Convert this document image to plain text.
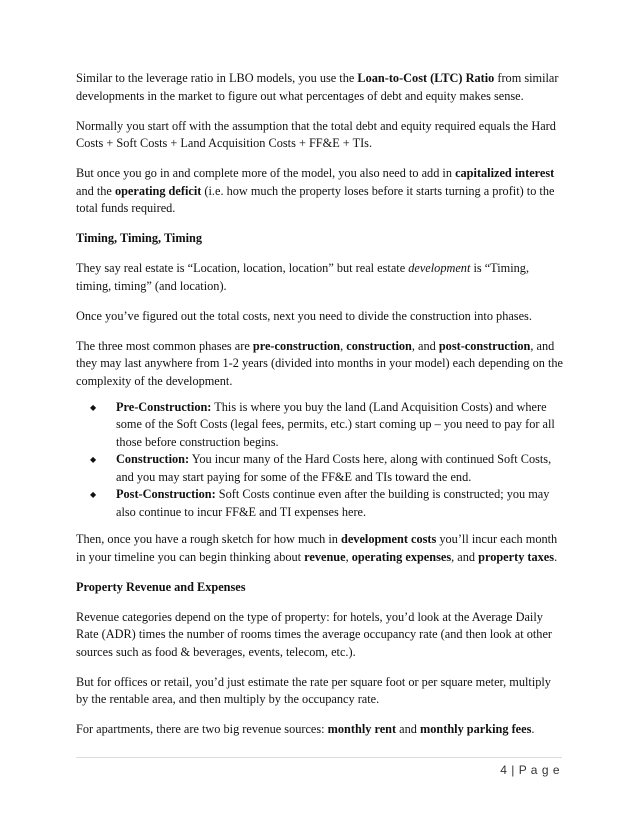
Similar to the leverage ratio in LBO models, you use the Loan-to-Cost (LTC) Ratio from similar developments in the market to figure out what percentages of debt and equity makes sense.

Normally you start off with the assumption that the total debt and equity required equals the Hard Costs + Soft Costs + Land Acquisition Costs + FF&E + TIs.

But once you go in and complete more of the model, you also need to add in capitalized interest and the operating deficit (i.e. how much the property loses before it starts turning a profit) to the total funds required.

Timing, Timing, Timing

They say real estate is “Location, location, location” but real estate development is “Timing, timing, timing” (and location).

Once you’ve figured out the total costs, next you need to divide the construction into phases.

The three most common phases are pre-construction, construction, and post-construction, and they may last anywhere from 1-2 years (divided into months in your model) each depending on the complexity of the development.

◆ Pre-Construction: This is where you buy the land (Land Acquisition Costs) and where some of the Soft Costs (legal fees, permits, etc.) start coming up – you need to pay for all those before construction begins.
◆ Construction: You incur many of the Hard Costs here, along with continued Soft Costs, and you may start paying for some of the FF&E and TIs toward the end.
◆ Post-Construction: Soft Costs continue even after the building is constructed; you may also continue to incur FF&E and TI expenses here.

Then, once you have a rough sketch for how much in development costs you’ll incur each month in your timeline you can begin thinking about revenue, operating expenses, and property taxes.

Property Revenue and Expenses

Revenue categories depend on the type of property: for hotels, you’d look at the Average Daily Rate (ADR) times the number of rooms times the average occupancy rate (and then look at other sources such as food & beverages, events, telecom, etc.).

But for offices or retail, you’d just estimate the rate per square foot or per square meter, multiply by the rentable area, and then multiply by the occupancy rate.

For apartments, there are two big revenue sources: monthly rent and monthly parking fees.

4 | P a g e
